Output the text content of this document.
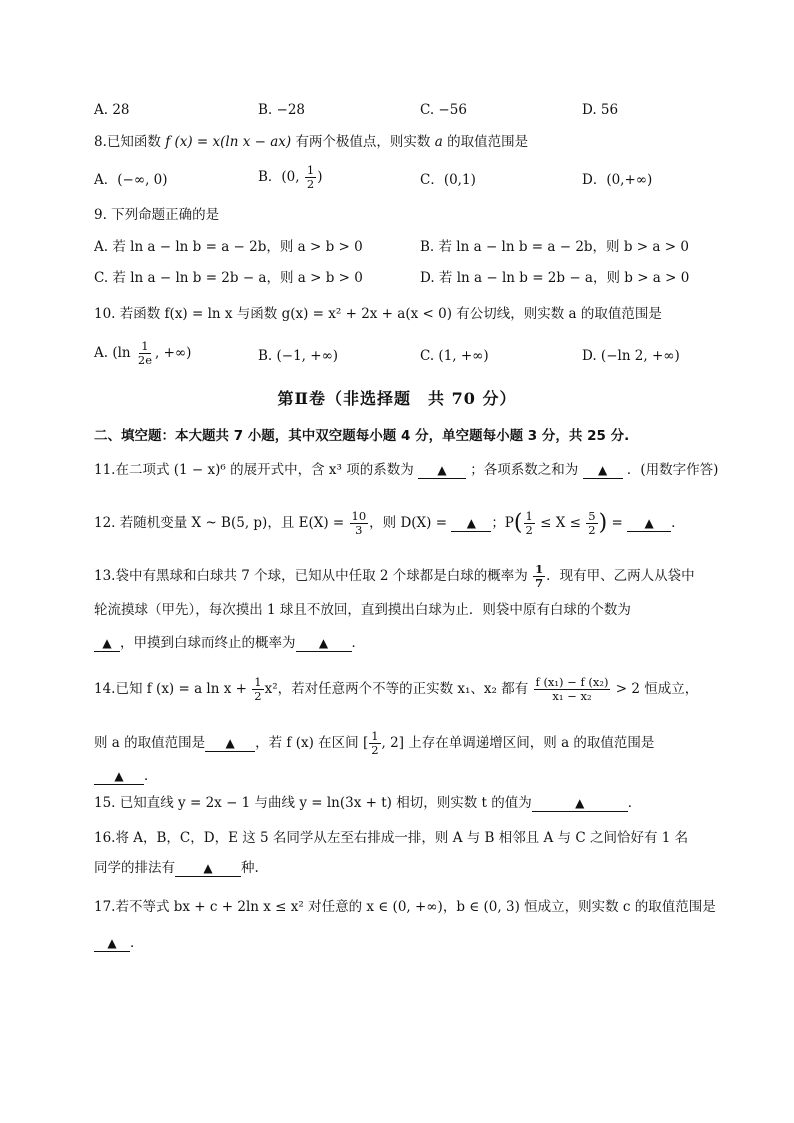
A. 28	B. −28	C. −56	D. 56
8.已知函数 f (x) = x(ln x − ax) 有两个极值点，则实数 a 的取值范围是
A．(−∞, 0)	B．(0, $\frac{1}{2}$ )	C．(0,1)	D．(0,+∞)
9. 下列命题正确的是
A. 若 ln a − ln b = a − 2b，则 a > b > 0	B. 若 ln a − ln b = a − 2b，则 b > a > 0
C. 若 ln a − ln b = 2b − a，则 a > b > 0	D. 若 ln a − ln b = 2b − a，则 b > a > 0
10. 若函数 f(x) = ln x 与函数 g(x) = x² + 2x + a(x < 0) 有公切线，则实数 a 的取值范围是
A. ($\ln \frac{1}{2e}$ , +∞)	B. (−1, +∞)	C. (1, +∞)	D. (−ln 2, +∞)
第Ⅱ卷（非选择题　共 70 分）
二、填空题：本大题共 7 小题，其中双空题每小题 4 分，单空题每小题 3 分，共 25 分.
11.在二项式 (1 − x)⁶ 的展开式中，含 x³ 项的系数为 ▲ ；各项系数之和为 ▲ ．(用数字作答)
12. 若随机变量 X ~ B(5, p)，且 $E(X) = \frac{10}{3}$ ，则 D(X) = ▲ ；$P( \frac{1}{2} \le X \le \frac{5}{2}$ ) = ▲ .
13.袋中有黑球和白球共 7 个球，已知从中任取 2 个球都是白球的概率为 $\frac{1}{7}$ ．现有甲、乙两人从袋中
轮流摸球（甲先），每次摸出 1 球且不放回，直到摸出白球为止．则袋中原有白球的个数为
▲ ，甲摸到白球而终止的概率为 ▲ ．
14.已知 f (x) = a $\ln x + \frac{1}{2} x^2$，若对任意两个不等的正实数 x₁、x₂ 都有 $\frac{\text{f (x₁) − f (x₂)}}{\text{x₁ − x₂}} > 2$ 恒成立，
则 a 的取值范围是 ▲ ，若 f (x) 在区间 [ $\frac{1}{2}$ , 2] 上存在单调递增区间，则 a 的取值范围是
▲ ．
15. 已知直线 y = 2x − 1 与曲线 y = ln(3x + t) 相切，则实数 t 的值为	▲	．
16.将 A，B，C，D，E 这 5 名同学从左至右排成一排，则 A 与 B 相邻且 A 与 C 之间恰好有 1 名
同学的排法有 ▲ 种.
17.若不等式 bx + c + 2ln x ≤ x² 对任意的 x ∈ (0, +∞)，b ∈ (0, 3) 恒成立，则实数 c 的取值范围是
▲ ．
